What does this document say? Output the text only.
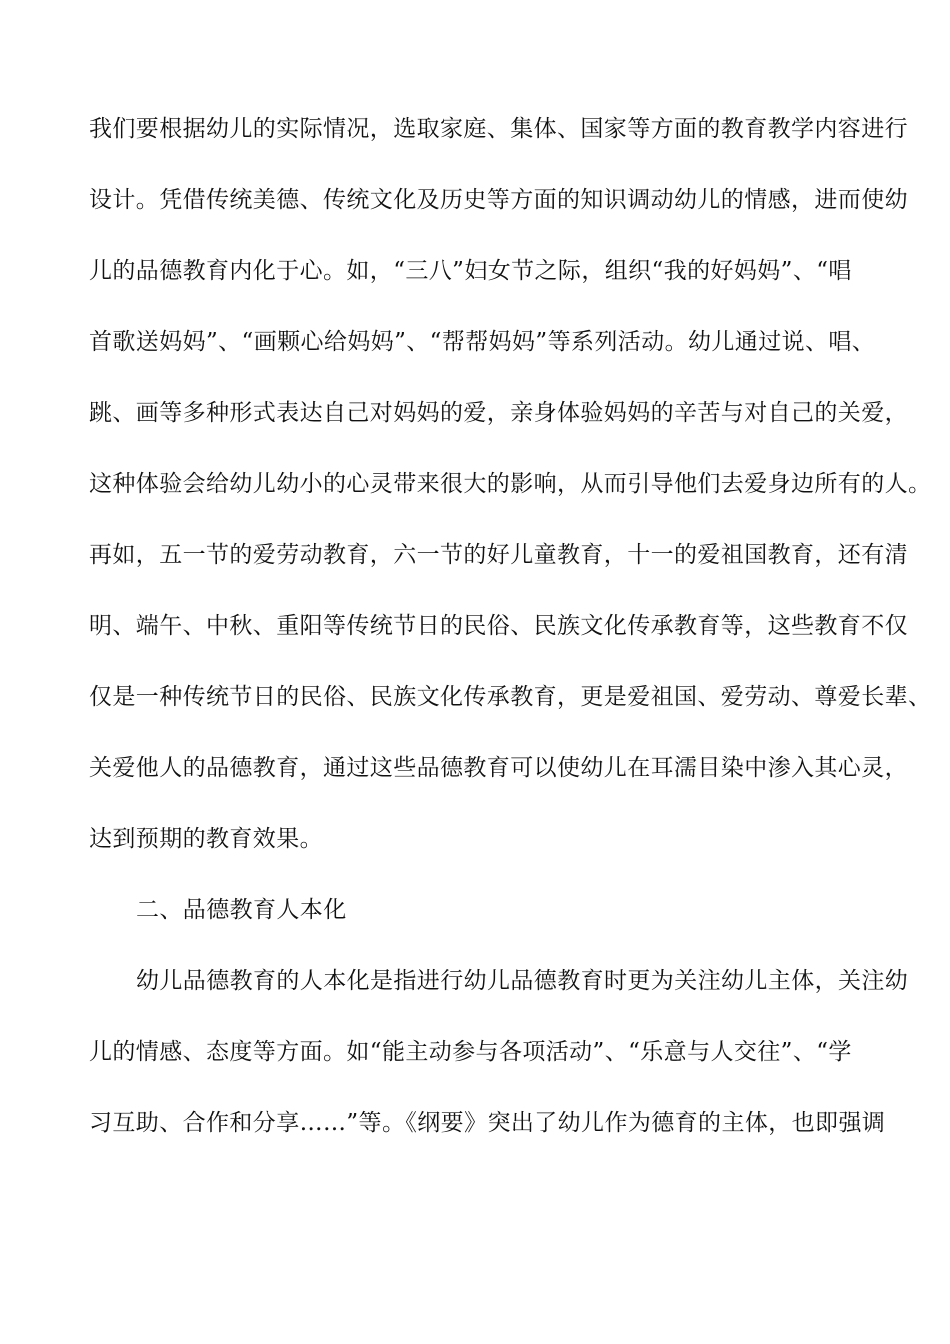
我们要根据幼儿的实际情况，选取家庭、集体、国家等方面的教育教学内容进行
设计。凭借传统美德、传统文化及历史等方面的知识调动幼儿的情感，进而使幼
儿的品德教育内化于心。如，“三八”妇女节之际，组织“我的好妈妈”、“唱
首歌送妈妈”、“画颗心给妈妈”、“帮帮妈妈”等系列活动。幼儿通过说、唱、
跳、画等多种形式表达自己对妈妈的爱，亲身体验妈妈的辛苦与对自己的关爱，
这种体验会给幼儿幼小的心灵带来很大的影响，从而引导他们去爱身边所有的人。
再如，五一节的爱劳动教育，六一节的好儿童教育，十一的爱祖国教育，还有清
明、端午、中秋、重阳等传统节日的民俗、民族文化传承教育等，这些教育不仅
仅是一种传统节日的民俗、民族文化传承教育，更是爱祖国、爱劳动、尊爱长辈、
关爱他人的品德教育，通过这些品德教育可以使幼儿在耳濡目染中渗入其心灵，
达到预期的教育效果。
二、品德教育人本化
幼儿品德教育的人本化是指进行幼儿品德教育时更为关注幼儿主体，关注幼
儿的情感、态度等方面。如“能主动参与各项活动”、“乐意与人交往”、“学
习互助、合作和分享……”等。《纲要》突出了幼儿作为德育的主体，也即强调
